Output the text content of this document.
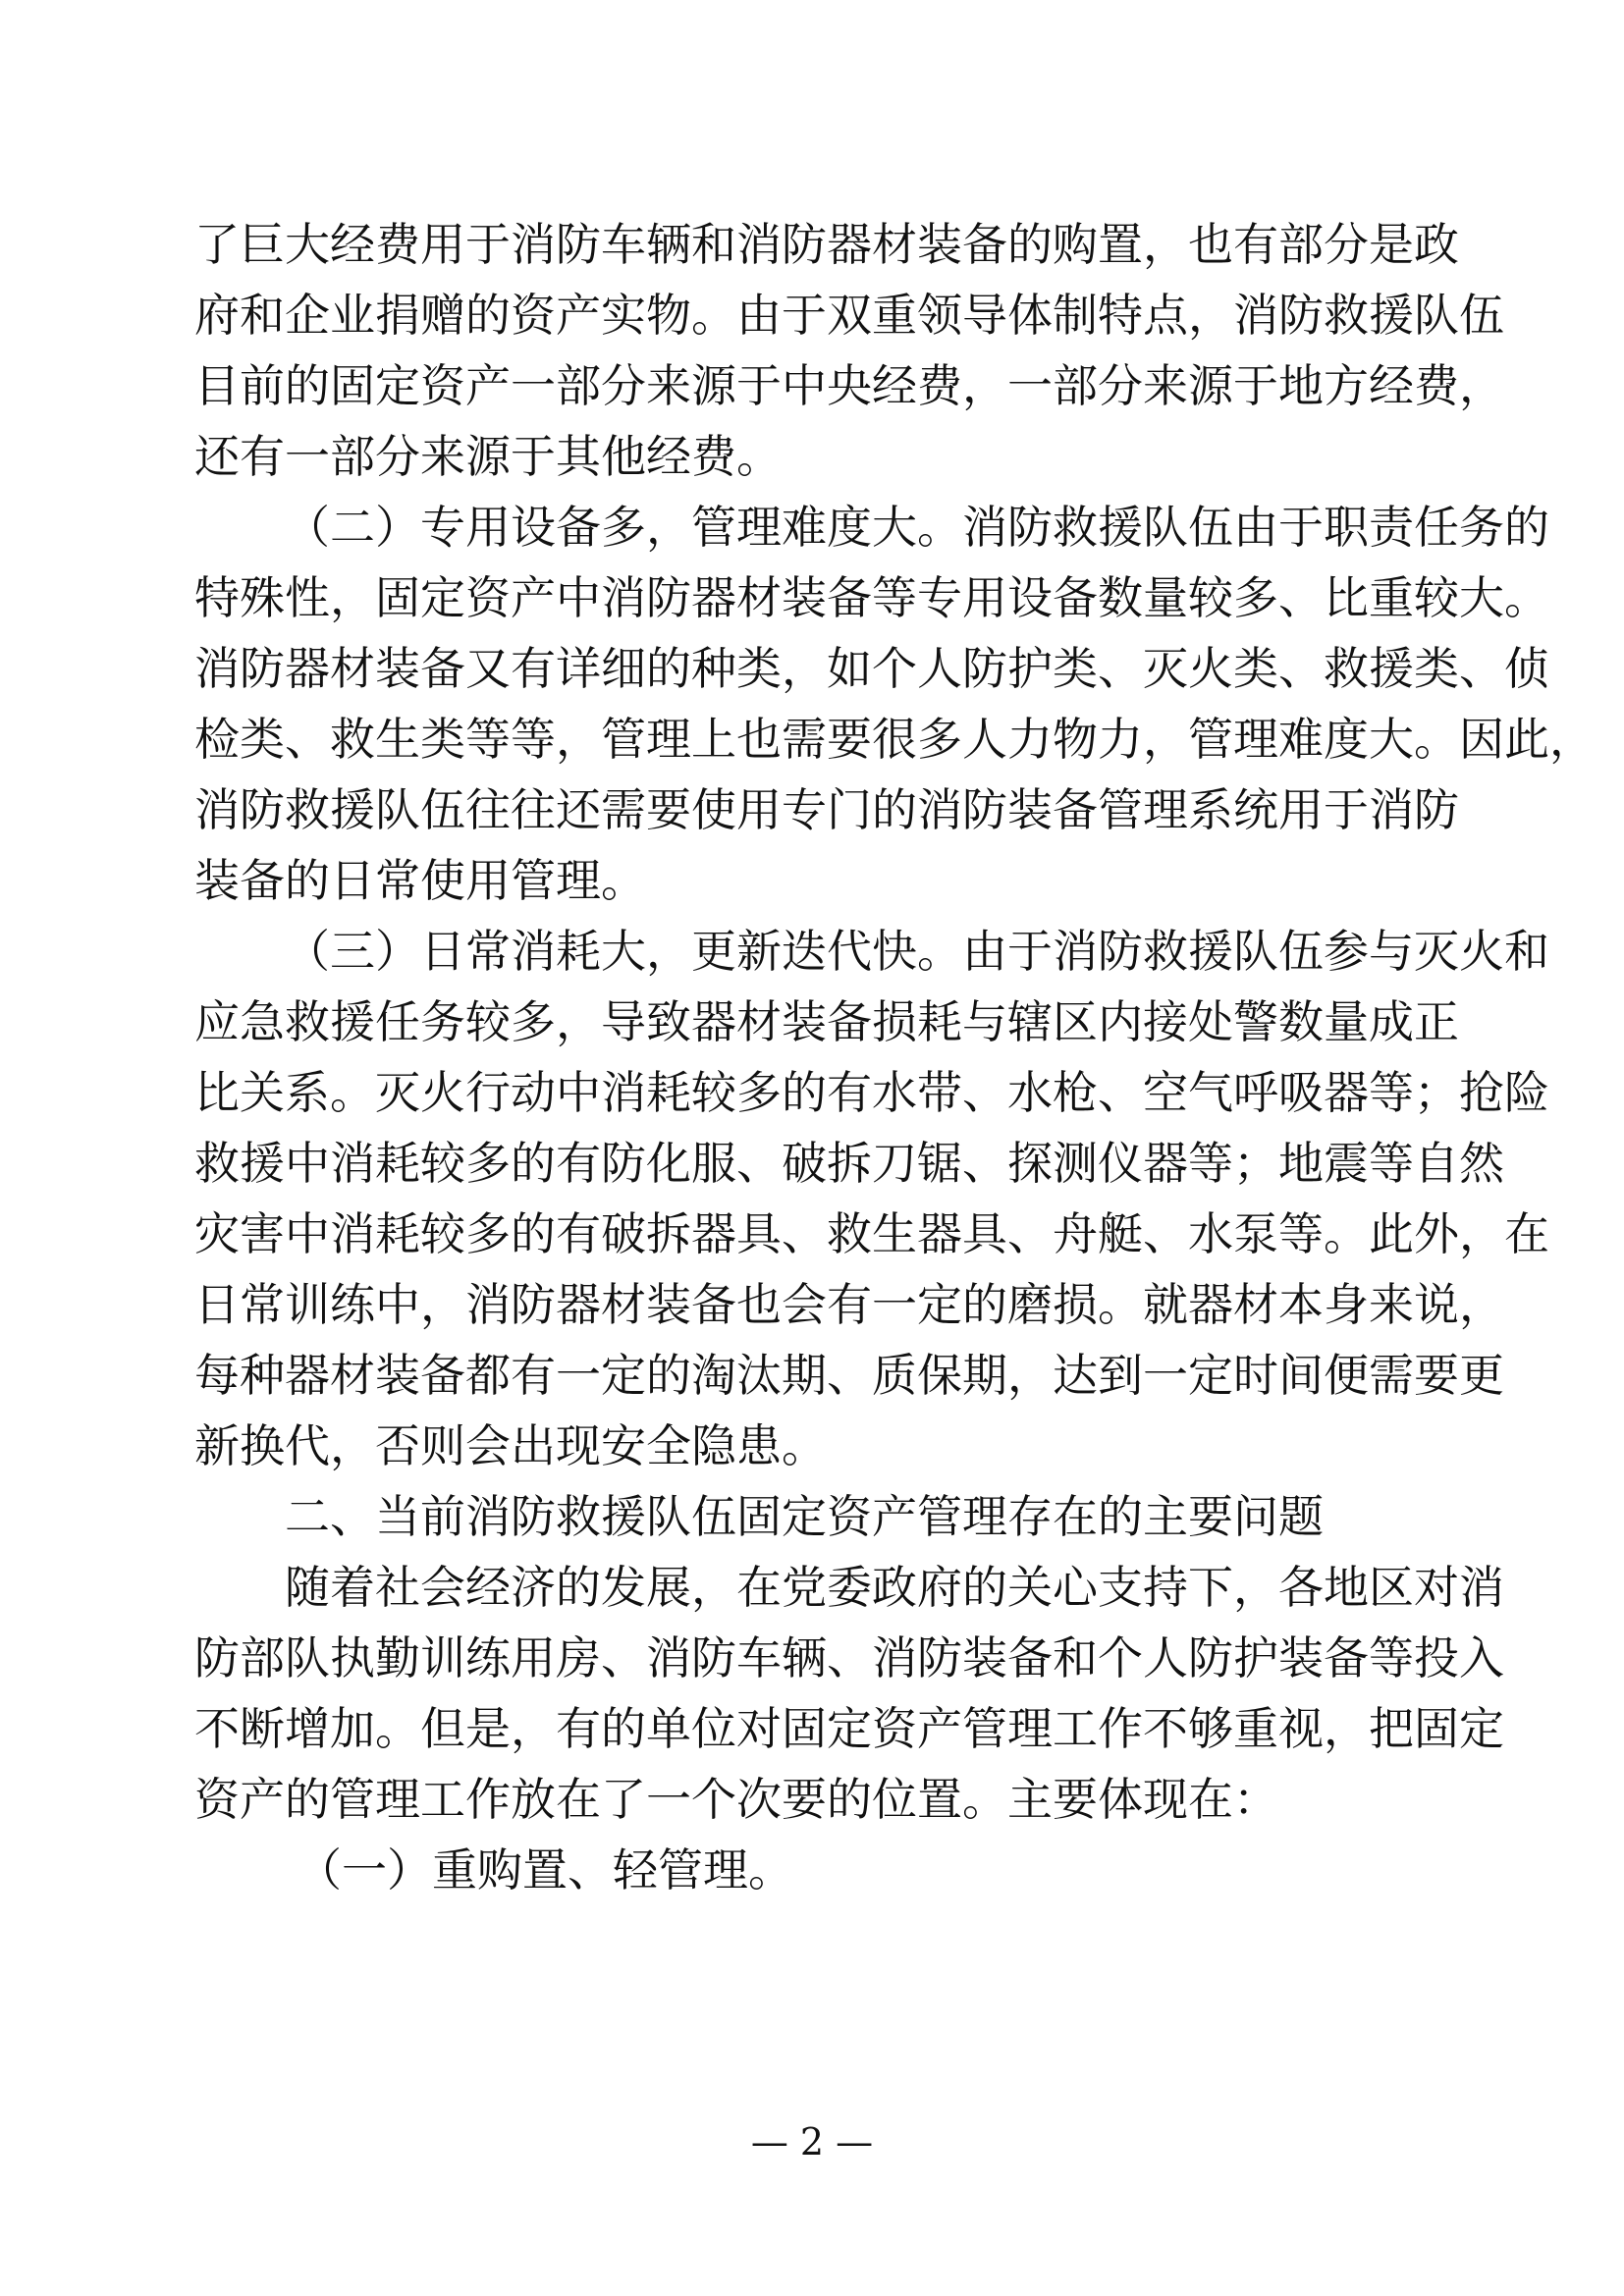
了巨大经费用于消防车辆和消防器材装备的购置，也有部分是政
府和企业捐赠的资产实物。由于双重领导体制特点，消防救援队伍
目前的固定资产一部分来源于中央经费，一部分来源于地方经费，
还有一部分来源于其他经费。
（二）专用设备多，管理难度大。消防救援队伍由于职责任务的
特殊性，固定资产中消防器材装备等专用设备数量较多、比重较大。
消防器材装备又有详细的种类，如个人防护类、灭火类、救援类、侦
检类、救生类等等，管理上也需要很多人力物力，管理难度大。因此，
消防救援队伍往往还需要使用专门的消防装备管理系统用于消防
装备的日常使用管理。
（三）日常消耗大，更新迭代快。由于消防救援队伍参与灭火和
应急救援任务较多，导致器材装备损耗与辖区内接处警数量成正
比关系。灭火行动中消耗较多的有水带、水枪、空气呼吸器等；抢险
救援中消耗较多的有防化服、破拆刀锯、探测仪器等；地震等自然
灾害中消耗较多的有破拆器具、救生器具、舟艇、水泵等。此外，在
日常训练中，消防器材装备也会有一定的磨损。就器材本身来说，
每种器材装备都有一定的淘汰期、质保期，达到一定时间便需要更
新换代，否则会出现安全隐患。
二、当前消防救援队伍固定资产管理存在的主要问题
随着社会经济的发展，在党委政府的关心支持下，各地区对消
防部队执勤训练用房、消防车辆、消防装备和个人防护装备等投入
不断增加。但是，有的单位对固定资产管理工作不够重视，把固定
资产的管理工作放在了一个次要的位置。主要体现在：
（一）重购置、轻管理。
— 2 —
